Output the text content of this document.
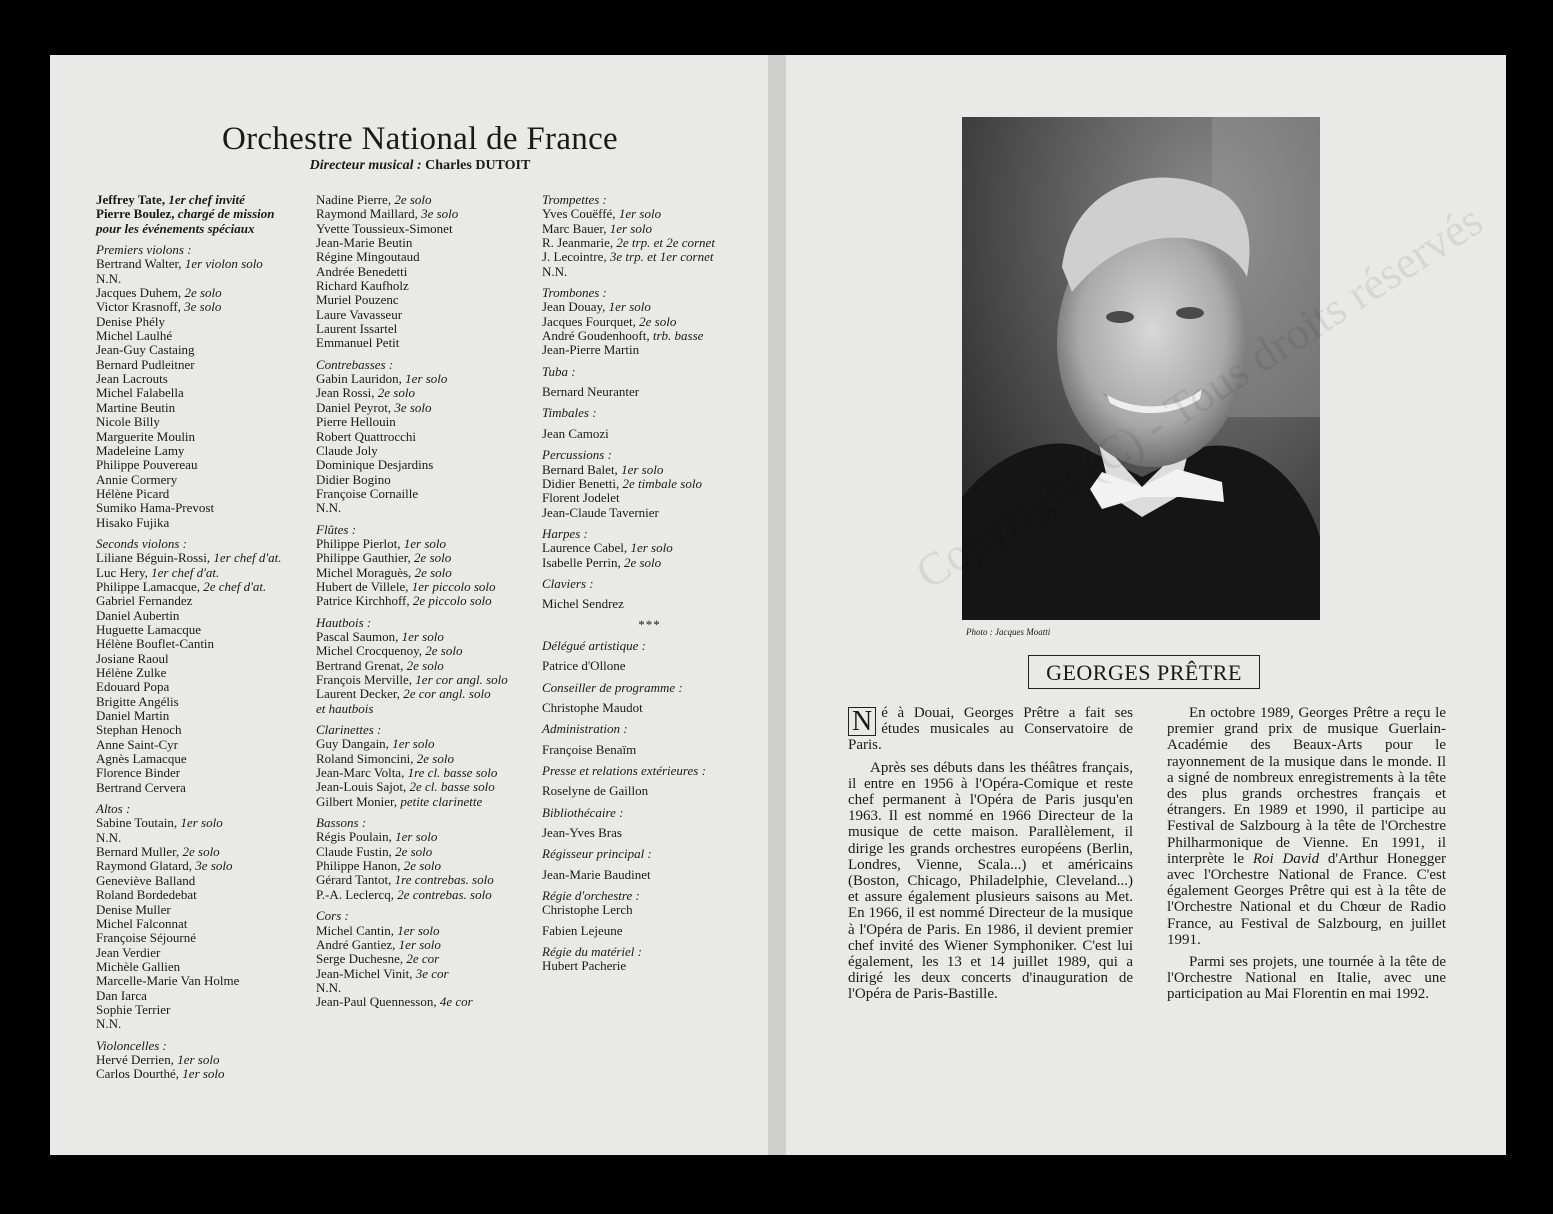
Orchestre National de France
Directeur musical : Charles DUTOIT
Jeffrey Tate, 1er chef invité
Pierre Boulez, chargé de mission
pour les événements spéciaux
Premiers violons :
Bertrand Walter, 1er violon solo
N.N.
Jacques Duhem, 2e solo
Victor Krasnoff, 3e solo
Denise Phély
Michel Laulhé
Jean-Guy Castaing
Bernard Pudleitner
Jean Lacrouts
Michel Falabella
Martine Beutin
Nicole Billy
Marguerite Moulin
Madeleine Lamy
Philippe Pouvereau
Annie Cormery
Hélène Picard
Sumiko Hama-Prevost
Hisako Fujika
Seconds violons :
Liliane Béguin-Rossi, 1er chef d'at.
Luc Hery, 1er chef d'at.
Philippe Lamacque, 2e chef d'at.
Gabriel Fernandez
Daniel Aubertin
Huguette Lamacque
Hélène Bouflet-Cantin
Josiane Raoul
Hélène Zulke
Edouard Popa
Brigitte Angélis
Daniel Martin
Stephan Henoch
Anne Saint-Cyr
Agnès Lamacque
Florence Binder
Bertrand Cervera
Altos :
Sabine Toutain, 1er solo
N.N.
Bernard Muller, 2e solo
Raymond Glatard, 3e solo
Geneviève Balland
Roland Bordedebat
Denise Muller
Michel Falconnat
Françoise Séjourné
Jean Verdier
Michèle Gallien
Marcelle-Marie Van Holme
Dan Iarca
Sophie Terrier
N.N.
Violoncelles :
Hervé Derrien, 1er solo
Carlos Dourthé, 1er solo
Nadine Pierre, 2e solo
Raymond Maillard, 3e solo
Yvette Toussieux-Simonet
Jean-Marie Beutin
Régine Mingoutaud
Andrée Benedetti
Richard Kaufholz
Muriel Pouzenc
Laure Vavasseur
Laurent Issartel
Emmanuel Petit
Contrebasses :
Gabin Lauridon, 1er solo
Jean Rossi, 2e solo
Daniel Peyrot, 3e solo
Pierre Hellouin
Robert Quattrocchi
Claude Joly
Dominique Desjardins
Didier Bogino
Françoise Cornaille
N.N.
Flûtes :
Philippe Pierlot, 1er solo
Philippe Gauthier, 2e solo
Michel Moraguès, 2e solo
Hubert de Villele, 1er piccolo solo
Patrice Kirchhoff, 2e piccolo solo
Hautbois :
Pascal Saumon, 1er solo
Michel Crocquenoy, 2e solo
Bertrand Grenat, 2e solo
François Merville, 1er cor angl. solo
Laurent Decker, 2e cor angl. solo
et hautbois
Clarinettes :
Guy Dangain, 1er solo
Roland Simoncini, 2e solo
Jean-Marc Volta, 1re cl. basse solo
Jean-Louis Sajot, 2e cl. basse solo
Gilbert Monier, petite clarinette
Bassons :
Régis Poulain, 1er solo
Claude Fustin, 2e solo
Philippe Hanon, 2e solo
Gérard Tantot, 1re contrebas. solo
P.-A. Leclercq, 2e contrebas. solo
Cors :
Michel Cantin, 1er solo
André Gantiez, 1er solo
Serge Duchesne, 2e cor
Jean-Michel Vinit, 3e cor
N.N.
Jean-Paul Quennesson, 4e cor
Trompettes :
Yves Couëffé, 1er solo
Marc Bauer, 1er solo
R. Jeanmarie, 2e trp. et 2e cornet
J. Lecointre, 3e trp. et 1er cornet
N.N.
Trombones :
Jean Douay, 1er solo
Jacques Fourquet, 2e solo
André Goudenhooft, trb. basse
Jean-Pierre Martin
Tuba :
Bernard Neuranter
Timbales :
Jean Camozi
Percussions :
Bernard Balet, 1er solo
Didier Benetti, 2e timbale solo
Florent Jodelet
Jean-Claude Tavernier
Harpes :
Laurence Cabel, 1er solo
Isabelle Perrin, 2e solo
Claviers :
Michel Sendrez
***
Délégué artistique :
Patrice d'Ollone
Conseiller de programme :
Christophe Maudot
Administration :
Françoise Benaïm
Presse et relations extérieures :
Roselyne de Gaillon
Bibliothécaire :
Jean-Yves Bras
Régisseur principal :
Jean-Marie Baudinet
Régie d'orchestre :
Christophe Lerch
Fabien Lejeune
Régie du matériel :
Hubert Pacherie
Photo : Jacques Moatti
GEORGES PRÊTRE

N é à Douai, Georges Prêtre a fait ses études musicales au Conservatoire de Paris.

Après ses débuts dans les théâtres français, il entre en 1956 à l'Opéra-Comique et reste chef permanent à l'Opéra de Paris jusqu'en 1963. Il est nommé en 1966 Directeur de la musique de cette maison. Parallèlement, il dirige les grands orchestres européens (Berlin, Londres, Vienne, Scala...) et américains (Boston, Chicago, Philadelphie, Cleveland...) et assure également plusieurs saisons au Met. En 1966, il est nommé Directeur de la musique à l'Opéra de Paris. En 1986, il devient premier chef invité des Wiener Symphoniker. C'est lui également, les 13 et 14 juillet 1989, qui a dirigé les deux concerts d'inauguration de l'Opéra de Paris-Bastille.

En octobre 1989, Georges Prêtre a reçu le premier grand prix de musique Guerlain-Académie des Beaux-Arts pour le rayonnement de la musique dans le monde. Il a signé de nombreux enregistrements à la tête des plus grands orchestres français et étrangers. En 1989 et 1990, il participe au Festival de Salzbourg à la tête de l'Orchestre Philharmonique de Vienne. En 1991, il interprète le Roi David d'Arthur Honegger avec l'Orchestre National de France. C'est également Georges Prêtre qui est à la tête de l'Orchestre National et du Chœur de Radio France, au Festival de Salzbourg, en juillet 1991.

Parmi ses projets, une tournée à la tête de l'Orchestre National en Italie, avec une participation au Mai Florentin en mai 1992.

réservés
